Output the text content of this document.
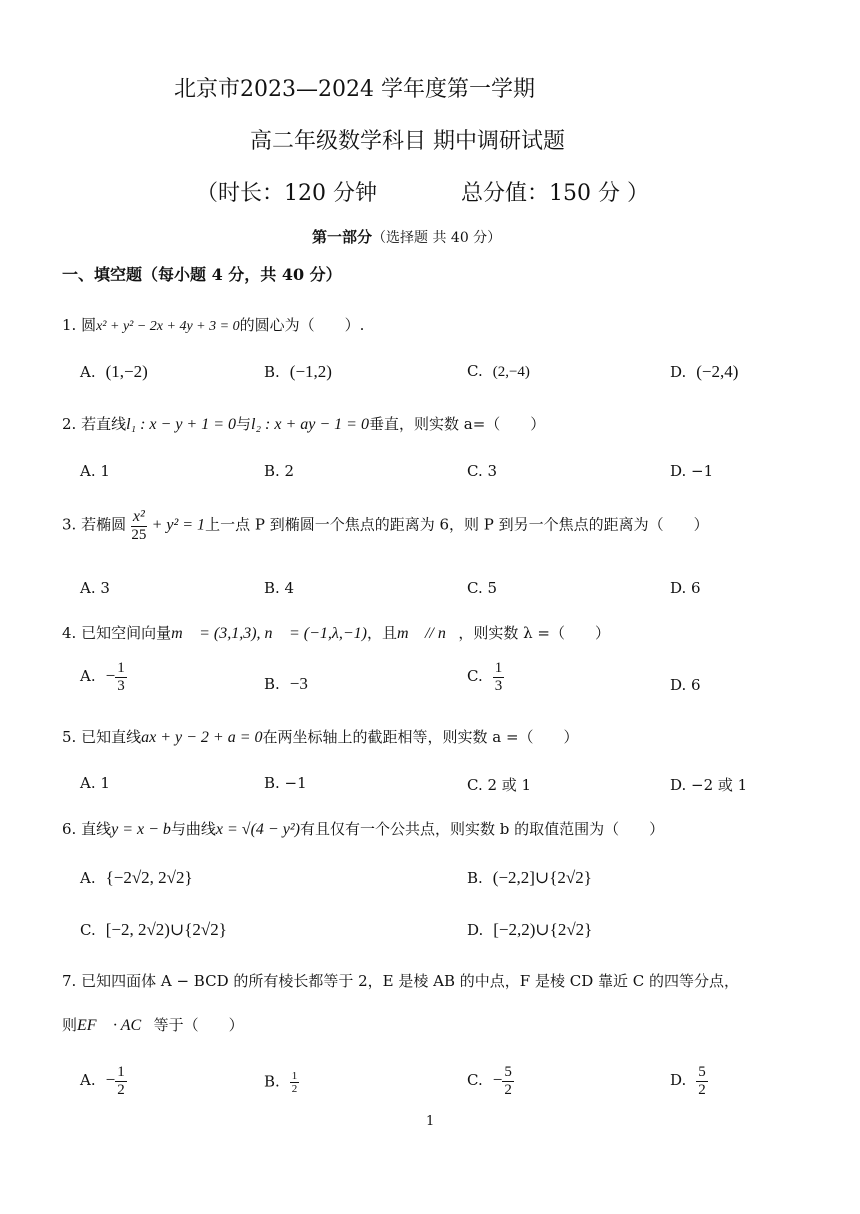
北京市2023—2024 学年度第一学期
高二年级数学科目 期中调研试题
（时长：120 分钟	总分值：150 分 ）
第一部分（选择题 共 40 分）
一、填空题（每小题 4 分，共 40 分）
1. 圆x² + y² − 2x + 4y + 3 = 0的圆心为（　　）.
A. (1,−2)	B. (−1,2)	C. (2,−4)	D. (−2,4)
2. 若直线l₁ : x − y + 1 = 0与l₂ : x + ay − 1 = 0垂直，则实数 a=（　　）
A. 1	B. 2	C. 3	D. −1
3. 若椭圆 $\frac{\text{x²}}{25} + y^2 = 1$上一点 P 到椭圆一个焦点的距离为 6，则 P 到另一个焦点的距离为（　　）
A. 3	B. 4	C. 5	D. 6
4. 已知空间向量m⃗ = (3,1,3), n⃗ = (−1,λ,−1)，且m⃗ // n⃗，则实数 λ =（　　）
A. − $\frac{1}{3}$	B. −3	C. $\frac{1}{3}$	D. 6
5. 已知直线ax + y − 2 + a = 0在两坐标轴上的截距相等，则实数 a =（　　）
A. 1	B. −1	C. 2 或 1	D. −2 或 1
6. 直线y = x − b与曲线x = √(4 − y²)有且仅有一个公共点，则实数 b 的取值范围为（　　）
A. {−2√2, 2√2}	B. (−2,2]∪{2√2}
C. [−2, 2√2)∪{2√2}	D. [−2,2)∪{2√2}
7. 已知四面体 A − BCD 的所有棱长都等于 2，E 是棱 AB 的中点，F 是棱 CD 靠近 C 的四等分点，
则EF⃗ · AC⃗等于（　　）
A. − $\frac{1}{2}$	B. $\frac{1}{2}$	C. − $\frac{5}{2}$	D. $\frac{5}{2}$
1
